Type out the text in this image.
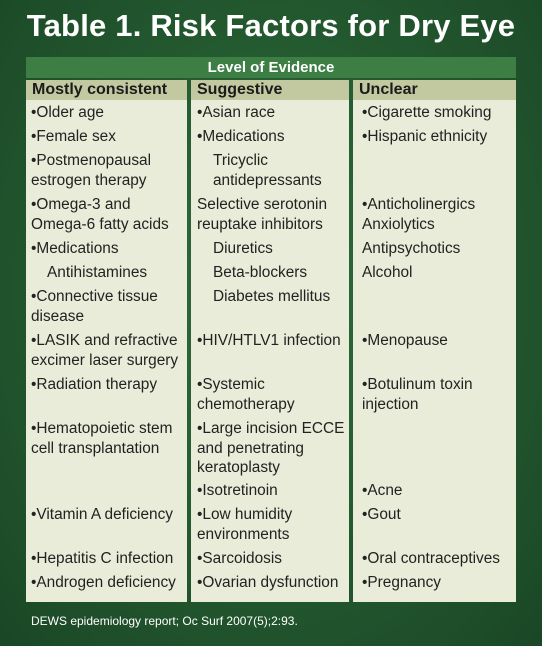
Table 1. Risk Factors for Dry Eye
Level of Evidence
Mostly consistent
•Older age
•Female sex
•Postmenopausal
estrogen therapy
•Omega-3 and
Omega-6 fatty acids
•Medications
Antihistamines
•Connective tissue
disease
•LASIK and refractive
excimer laser surgery
•Radiation therapy
•Hematopoietic stem
cell transplantation
•Vitamin A deficiency
•Hepatitis C infection
•Androgen deficiency
Suggestive
•Asian race
•Medications
Tricyclic
antidepressants
Selective serotonin
reuptake inhibitors
Diuretics
Beta-blockers
Diabetes mellitus
•HIV/HTLV1 infection
•Systemic
chemotherapy
•Large incision ECCE
and penetrating
keratoplasty
•Isotretinoin
•Low humidity
environments
•Sarcoidosis
•Ovarian dysfunction
Unclear
•Cigarette smoking
•Hispanic ethnicity
•Anticholinergics
Anxiolytics
Antipsychotics
Alcohol
•Menopause
•Botulinum toxin
injection
•Acne
•Gout
•Oral contraceptives
•Pregnancy
DEWS epidemiology report; Oc Surf 2007(5);2:93.
